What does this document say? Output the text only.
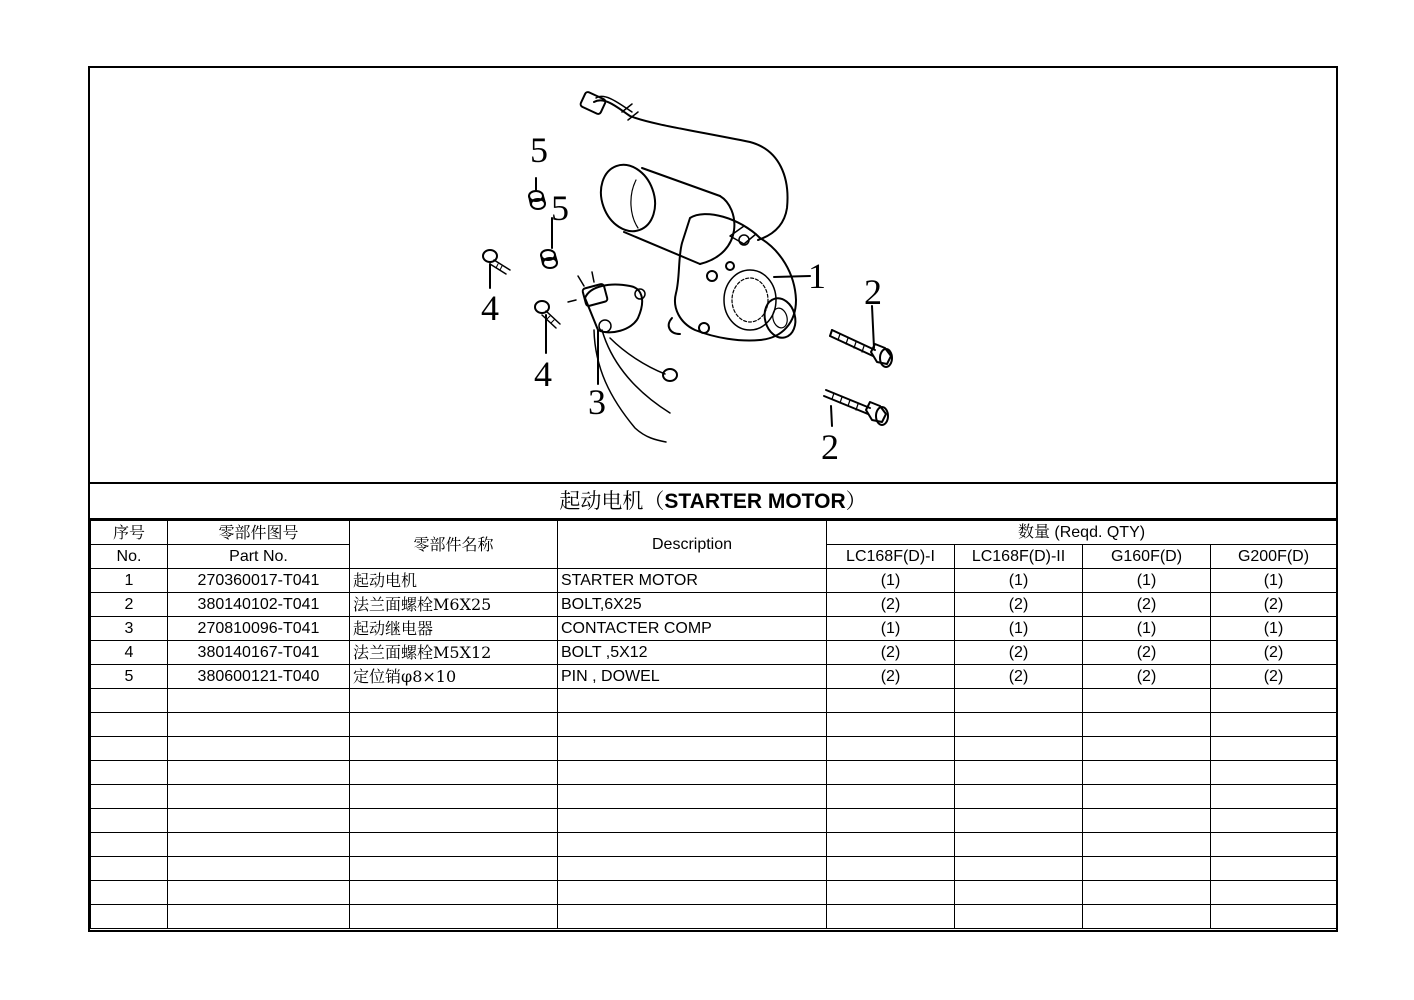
1 2
2
3
4
4
5
5
起动电机（STARTER MOTOR）
序号	零部件图号	零部件名称	Description	数量 (Reqd. QTY)			
No.	Part No.			LC168F(D)-I	LC168F(D)-II	G160F(D)	G200F(D)
1	270360017-T041	起动电机	STARTER MOTOR	(1)	(1)	(1)	(1)
2	380140102-T041	法兰面螺栓M6X25	BOLT,6X25	(2)	(2)	(2)	(2)
3	270810096-T041	起动继电器	CONTACTER COMP	(1)	(1)	(1)	(1)
4	380140167-T041	法兰面螺栓M5X12	BOLT ,5X12	(2)	(2)	(2)	(2)
5	380600121-T040	定位销φ8×10	PIN , DOWEL	(2)	(2)	(2)	(2)
